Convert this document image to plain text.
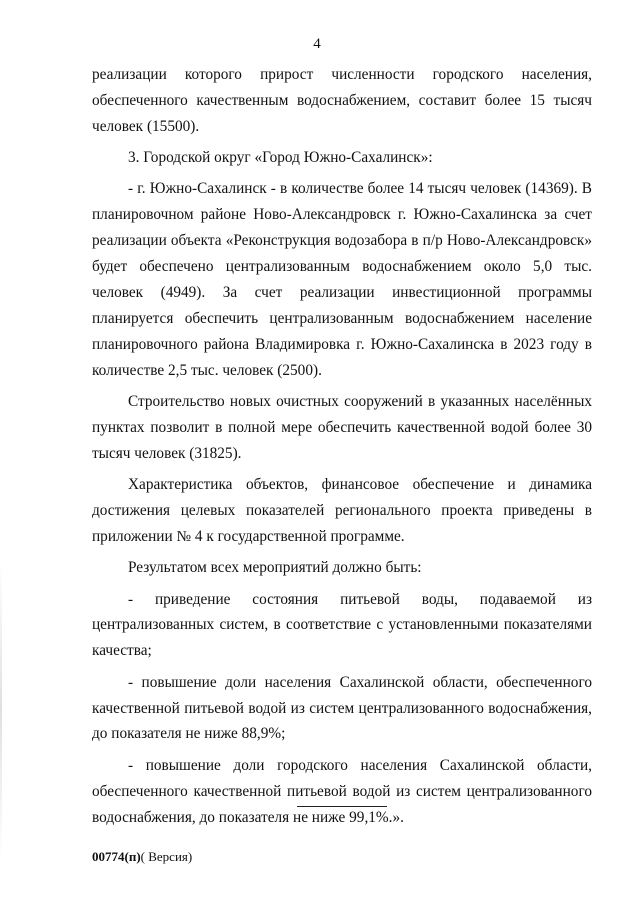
4

реализации которого прирост численности городского населения, обеспеченного качественным водоснабжением, составит более 15 тысяч человек (15500).

3. Городской округ «Город Южно-Сахалинск»:

- г. Южно-Сахалинск - в количестве более 14 тысяч человек (14369). В планировочном районе Ново-Александровск г. Южно-Сахалинска за счет реализации объекта «Реконструкция водозабора в п/р Ново-Александровск» будет обеспечено централизованным водоснабжением около 5,0 тыс. человек (4949). За счет реализации инвестиционной программы планируется обеспечить централизованным водоснабжением население планировочного района Владимировка г. Южно-Сахалинска в 2023 году в количестве 2,5 тыс. человек (2500).

Строительство новых очистных сооружений в указанных населённых пунктах позволит в полной мере обеспечить качественной водой более 30 тысяч человек (31825).

Характеристика объектов, финансовое обеспечение и динамика достижения целевых показателей регионального проекта приведены в приложении № 4 к государственной программе.

Результатом всех мероприятий должно быть:

- приведение состояния питьевой воды, подаваемой из централизованных систем, в соответствие с установленными показателями качества;

- повышение доли населения Сахалинской области, обеспеченного качественной питьевой водой из систем централизованного водоснабжения, до показателя не ниже 88,9%;

- повышение доли городского населения Сахалинской области, обеспеченного качественной питьевой водой из систем централизованного водоснабжения, до показателя не ниже 99,1%.».

00774(п)( Версия)
